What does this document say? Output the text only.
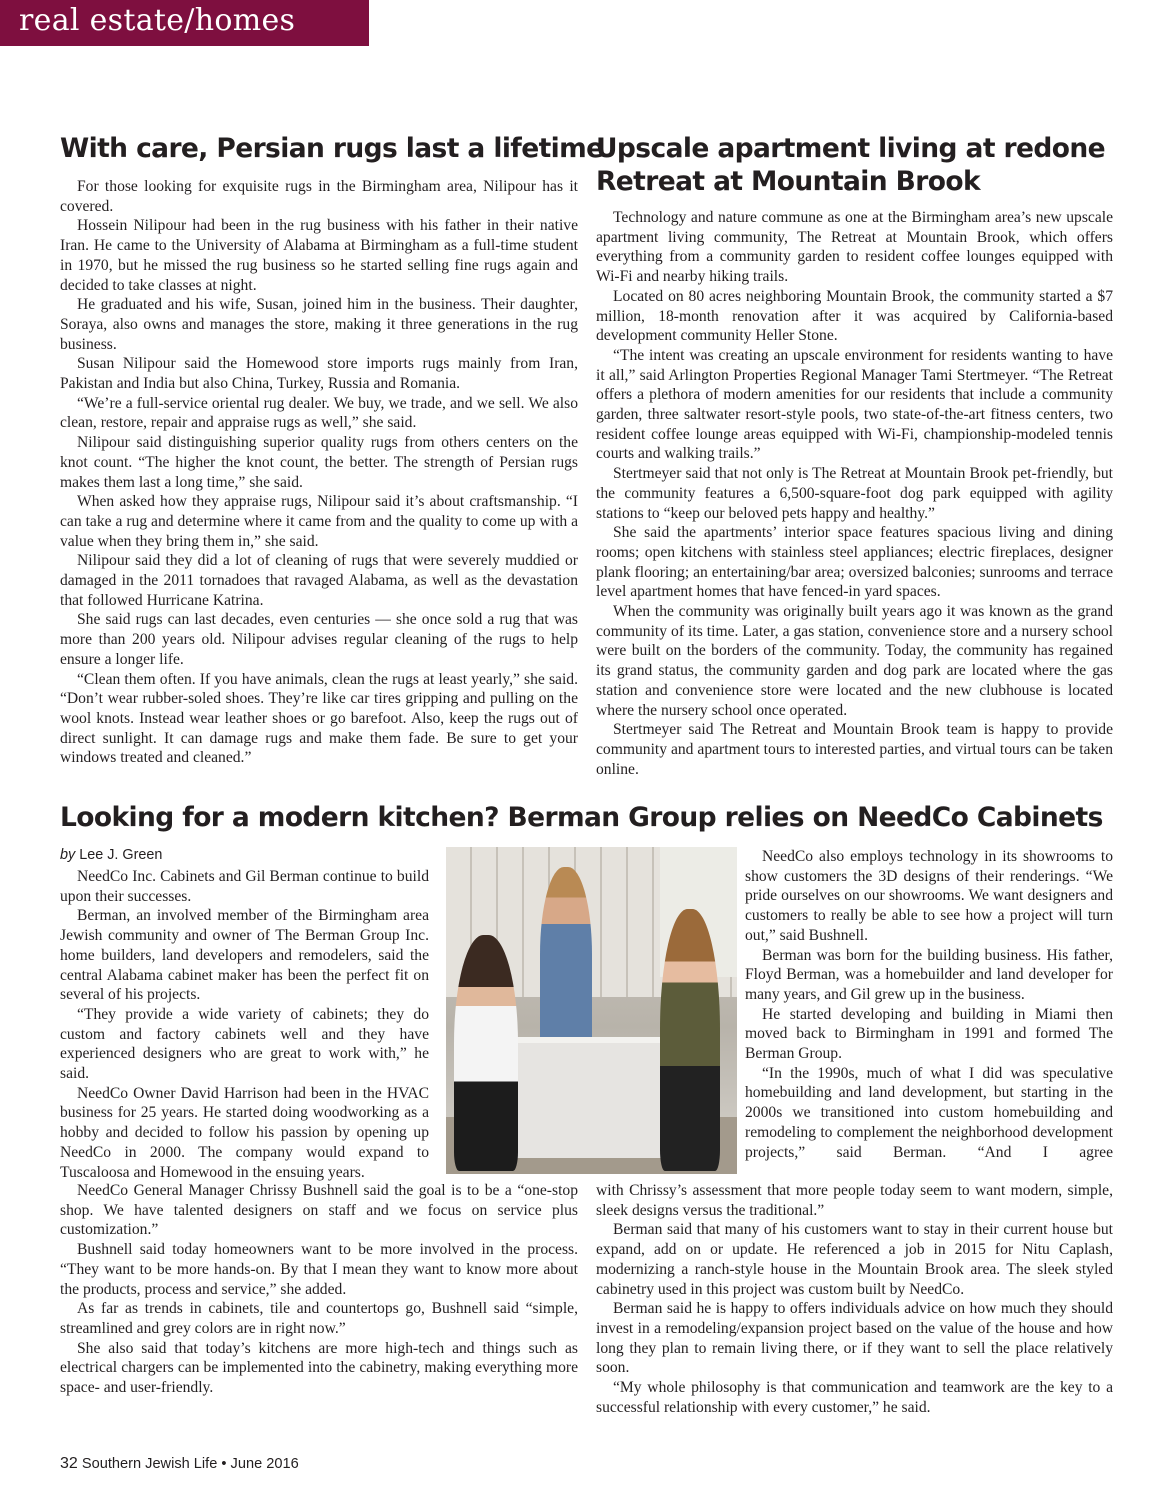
real estate/homes
With care, Persian rugs last a lifetime

For those looking for exquisite rugs in the Birmingham area, Nilipour has it covered.

Hossein Nilipour had been in the rug business with his father in their native Iran. He came to the University of Alabama at Birmingham as a full-time student in 1970, but he missed the rug business so he started selling fine rugs again and decided to take classes at night.

He graduated and his wife, Susan, joined him in the business. Their daughter, Soraya, also owns and manages the store, making it three generations in the rug business.

Susan Nilipour said the Homewood store imports rugs mainly from Iran, Pakistan and India but also China, Turkey, Russia and Romania.

“We’re a full-service oriental rug dealer. We buy, we trade, and we sell. We also clean, restore, repair and appraise rugs as well,” she said.

Nilipour said distinguishing superior quality rugs from others centers on the knot count. “The higher the knot count, the better. The strength of Persian rugs makes them last a long time,” she said.

When asked how they appraise rugs, Nilipour said it’s about craftsmanship. “I can take a rug and determine where it came from and the quality to come up with a value when they bring them in,” she said.

Nilipour said they did a lot of cleaning of rugs that were severely muddied or damaged in the 2011 tornadoes that ravaged Alabama, as well as the devastation that followed Hurricane Katrina.

She said rugs can last decades, even centuries — she once sold a rug that was more than 200 years old. Nilipour advises regular cleaning of the rugs to help ensure a longer life.

“Clean them often. If you have animals, clean the rugs at least yearly,” she said. “Don’t wear rubber-soled shoes. They’re like car tires gripping and pulling on the wool knots. Instead wear leather shoes or go barefoot. Also, keep the rugs out of direct sunlight. It can damage rugs and make them fade. Be sure to get your windows treated and cleaned.”

Upscale apartment living at redone
Retreat at Mountain Brook

Technology and nature commune as one at the Birmingham area’s new upscale apartment living community, The Retreat at Mountain Brook, which offers everything from a community garden to resident coffee lounges equipped with Wi-Fi and nearby hiking trails.

Located on 80 acres neighboring Mountain Brook, the community started a $7 million, 18-month renovation after it was acquired by California-based development community Heller Stone.

“The intent was creating an upscale environment for residents wanting to have it all,” said Arlington Properties Regional Manager Tami Stertmeyer. “The Retreat offers a plethora of modern amenities for our residents that include a community garden, three saltwater resort-style pools, two state-of-the-art fitness centers, two resident coffee lounge areas equipped with Wi-Fi, championship-modeled tennis courts and walking trails.”

Stertmeyer said that not only is The Retreat at Mountain Brook pet-friendly, but the community features a 6,500-square-foot dog park equipped with agility stations to “keep our beloved pets happy and healthy.”

She said the apartments’ interior space features spacious living and dining rooms; open kitchens with stainless steel appliances; electric fireplaces, designer plank flooring; an entertaining/bar area; oversized balconies; sunrooms and terrace level apartment homes that have fenced-in yard spaces.

When the community was originally built years ago it was known as the grand community of its time. Later, a gas station, convenience store and a nursery school were built on the borders of the community. Today, the community has regained its grand status, the community garden and dog park are located where the gas station and convenience store were located and the new clubhouse is located where the nursery school once operated.

Stertmeyer said The Retreat and Mountain Brook team is happy to provide community and apartment tours to interested parties, and virtual tours can be taken online.

Looking for a modern kitchen? Berman Group relies on NeedCo Cabinets
by Lee J. Green

NeedCo Inc. Cabinets and Gil Berman continue to build upon their successes.

Berman, an involved member of the Birmingham area Jewish community and owner of The Berman Group Inc. home builders, land developers and remodelers, said the central Alabama cabinet maker has been the perfect fit on several of his projects.

“They provide a wide variety of cabinets; they do custom and factory cabinets well and they have experienced designers who are great to work with,” he said.

NeedCo Owner David Harrison had been in the HVAC business for 25 years. He started doing woodworking as a hobby and decided to follow his passion by opening up NeedCo in 2000. The company would expand to Tuscaloosa and Homewood in the ensuing years.

NeedCo also employs technology in its showrooms to show customers the 3D designs of their renderings. “We pride ourselves on our showrooms. We want designers and customers to really be able to see how a project will turn out,” said Bushnell.

Berman was born for the building business. His father, Floyd Berman, was a homebuilder and land developer for many years, and Gil grew up in the business.

He started developing and building in Miami then moved back to Birmingham in 1991 and formed The Berman Group.

“In the 1990s, much of what I did was speculative homebuilding and land development, but starting in the 2000s we transitioned into custom homebuilding and remodeling to complement the neighborhood development projects,” said Berman. “And I agree

NeedCo General Manager Chrissy Bushnell said the goal is to be a “one-stop shop. We have talented designers on staff and we focus on service plus customization.”

Bushnell said today homeowners want to be more involved in the process. “They want to be more hands-on. By that I mean they want to know more about the products, process and service,” she added.

As far as trends in cabinets, tile and countertops go, Bushnell said “simple, streamlined and grey colors are in right now.”

She also said that today’s kitchens are more high-tech and things such as electrical chargers can be implemented into the cabinetry, making everything more space- and user-friendly.

with Chrissy’s assessment that more people today seem to want modern, simple, sleek designs versus the traditional.”

Berman said that many of his customers want to stay in their current house but expand, add on or update. He referenced a job in 2015 for Nitu Caplash, modernizing a ranch-style house in the Mountain Brook area. The sleek styled cabinetry used in this project was custom built by NeedCo.

Berman said he is happy to offers individuals advice on how much they should invest in a remodeling/expansion project based on the value of the house and how long they plan to remain living there, or if they want to sell the place relatively soon.

“My whole philosophy is that communication and teamwork are the key to a successful relationship with every customer,” he said.

32 Southern Jewish Life • June 2016
